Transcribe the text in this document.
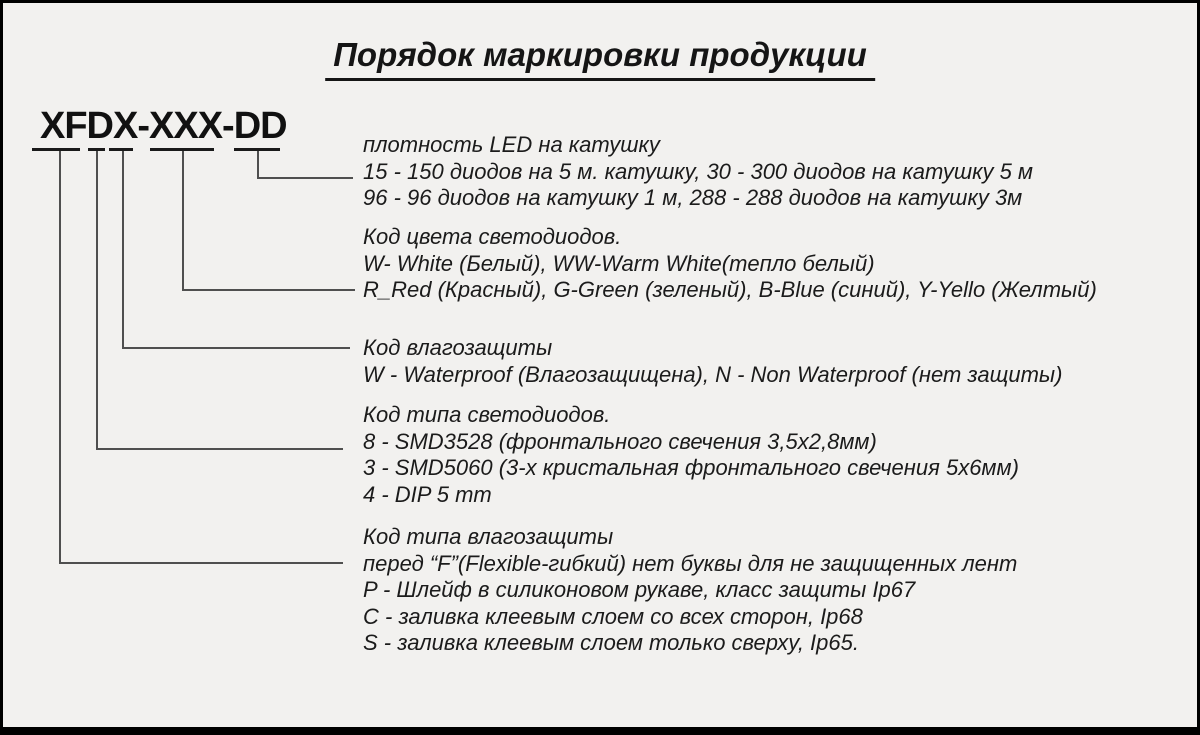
Порядок маркировки продукции
XFDX-XXX-DD	плотность LED на катушку
15 - 150 диодов на 5 м. катушку, 30 - 300 диодов на катушку 5 м
96 - 96 диодов на катушку 1 м, 288 - 288 диодов на катушку 3м
Код цвета светодиодов.
W- White (Белый), WW-Warm White(тепло белый)
R_Red (Красный), G-Green (зеленый), B-Blue (синий), Y-Yello (Желтый)
Код влагозащиты
W - Waterproof (Влагозащищена), N - Non Waterproof (нет защиты)
Код типа светодиодов.
8 - SMD3528 (фронтального свечения 3,5х2,8мм)
3 - SMD5060 (3-х кристальная фронтального свечения 5х6мм)
4 - DIP 5 mm
Код типа влагозащиты
перед “F”(Flexible-гибкий) нет буквы для не защищенных лент
P - Шлейф в силиконовом рукаве, класс защиты Ip67
C - заливка клеевым слоем со всех сторон, Ip68
S - заливка клеевым слоем только сверху, Ip65.
